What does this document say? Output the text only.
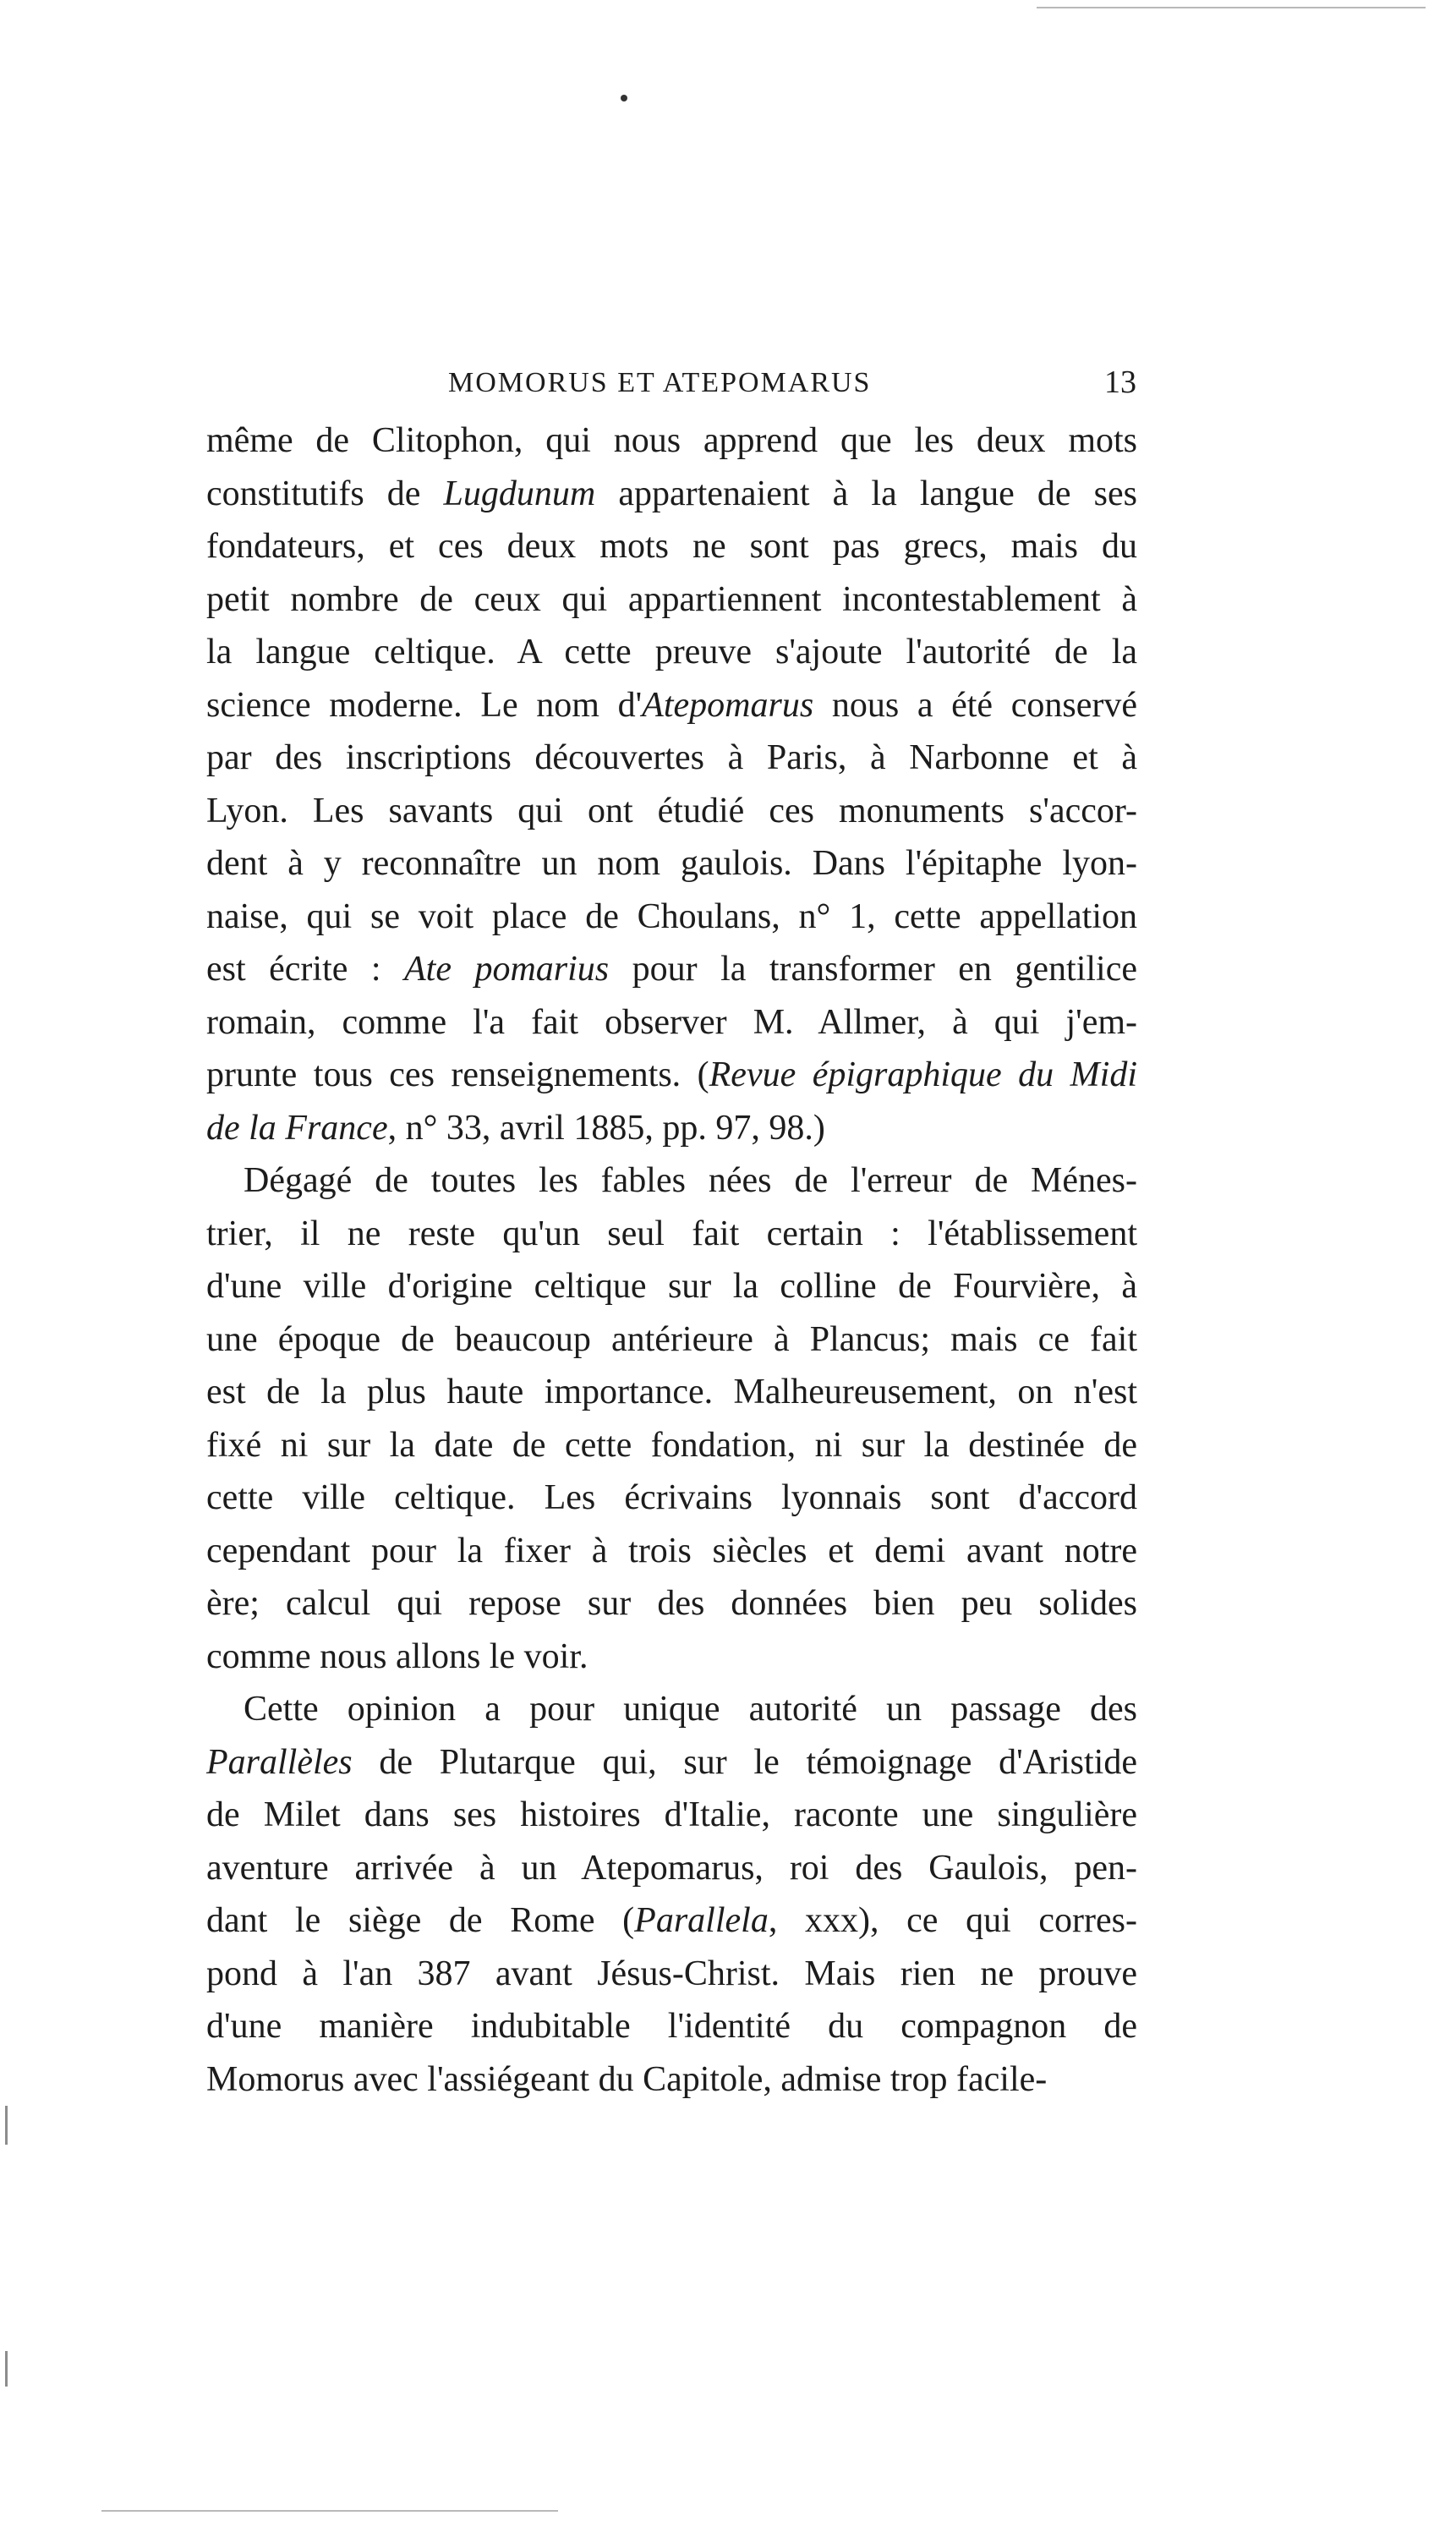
MOMORUS ET ATEPOMARUS	13
même de Clitophon, qui nous apprend que les deux mots
constitutifs de Lugdunum appartenaient à la langue de ses
fondateurs, et ces deux mots ne sont pas grecs, mais du
petit nombre de ceux qui appartiennent incontestablement à
la langue celtique. A cette preuve s'ajoute l'autorité de la
science moderne. Le nom d'Atepomarus nous a été conservé
par des inscriptions découvertes à Paris, à Narbonne et à
Lyon. Les savants qui ont étudié ces monuments s'accor-
dent à y reconnaître un nom gaulois. Dans l'épitaphe lyon-
naise, qui se voit place de Choulans, n° 1, cette appellation
est écrite : Ate pomarius pour la transformer en gentilice
romain, comme l'a fait observer M. Allmer, à qui j'em-
prunte tous ces renseignements. (Revue épigraphique du Midi
de la France, n° 33, avril 1885, pp. 97, 98.)
Dégagé de toutes les fables nées de l'erreur de Ménes-
trier, il ne reste qu'un seul fait certain : l'établissement
d'une ville d'origine celtique sur la colline de Fourvière, à
une époque de beaucoup antérieure à Plancus; mais ce fait
est de la plus haute importance. Malheureusement, on n'est
fixé ni sur la date de cette fondation, ni sur la destinée de
cette ville celtique. Les écrivains lyonnais sont d'accord
cependant pour la fixer à trois siècles et demi avant notre
ère; calcul qui repose sur des données bien peu solides
comme nous allons le voir.
Cette opinion a pour unique autorité un passage des
Parallèles de Plutarque qui, sur le témoignage d'Aristide
de Milet dans ses histoires d'Italie, raconte une singulière
aventure arrivée à un Atepomarus, roi des Gaulois, pen-
dant le siège de Rome (Parallela, xxx), ce qui corres-
pond à l'an 387 avant Jésus-Christ. Mais rien ne prouve
d'une manière indubitable l'identité du compagnon de
Momorus avec l'assiégeant du Capitole, admise trop facile-
